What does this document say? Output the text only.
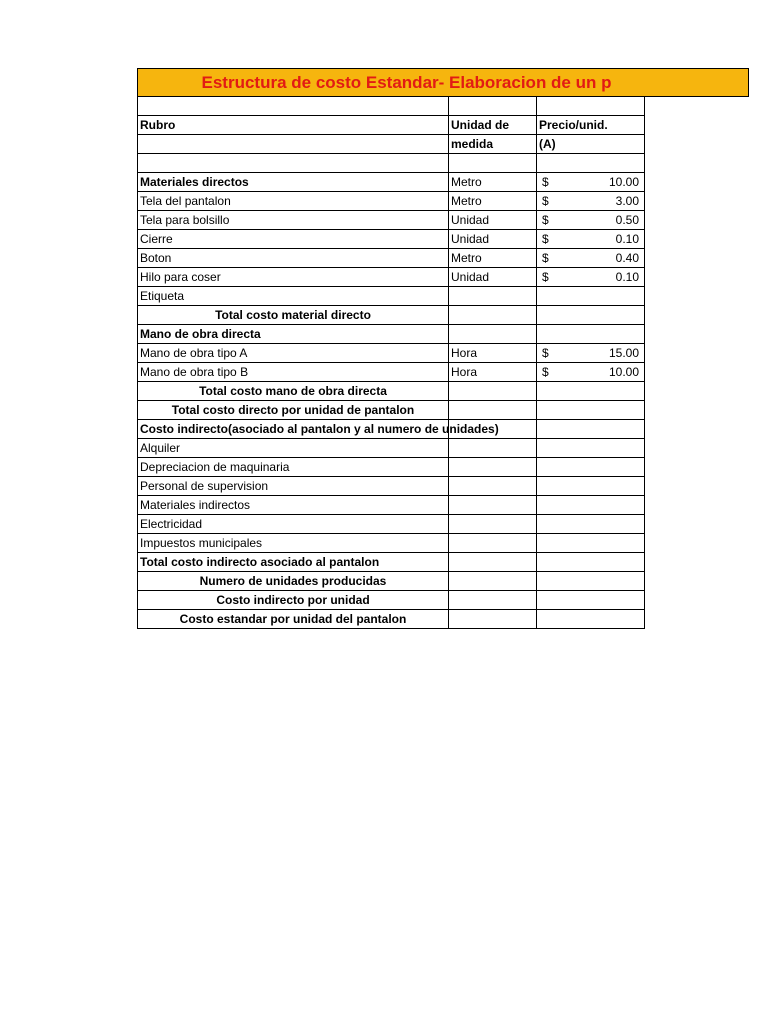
Estructura de costo Estandar- Elaboracion de un p

Rubro	Unidad de	Precio/unid.
	medida	(A)

Materiales directos	Metro	$ 10.00

Tela del pantalon	Metro	$ 3.00

Tela para bolsillo	Unidad	$ 0.50

Cierre	Unidad	$ 0.10

Boton	Metro	$ 0.40

Hilo para coser	Unidad	$ 0.10

Etiqueta		

Total costo material directo		

Mano de obra directa		

Mano de obra tipo A	Hora	$ 15.00

Mano de obra tipo B	Hora	$ 10.00

Total costo mano de obra directa		

Total costo directo por unidad de pantalon		

Costo indirecto(asociado al pantalon y al numero de unidades)		

Alquiler		

Depreciacion de maquinaria		

Personal de supervision		

Materiales indirectos		

Electricidad		

Impuestos municipales		

Total costo indirecto asociado al pantalon		

Numero de unidades producidas		

Costo indirecto por unidad		

Costo estandar por unidad del pantalon		
